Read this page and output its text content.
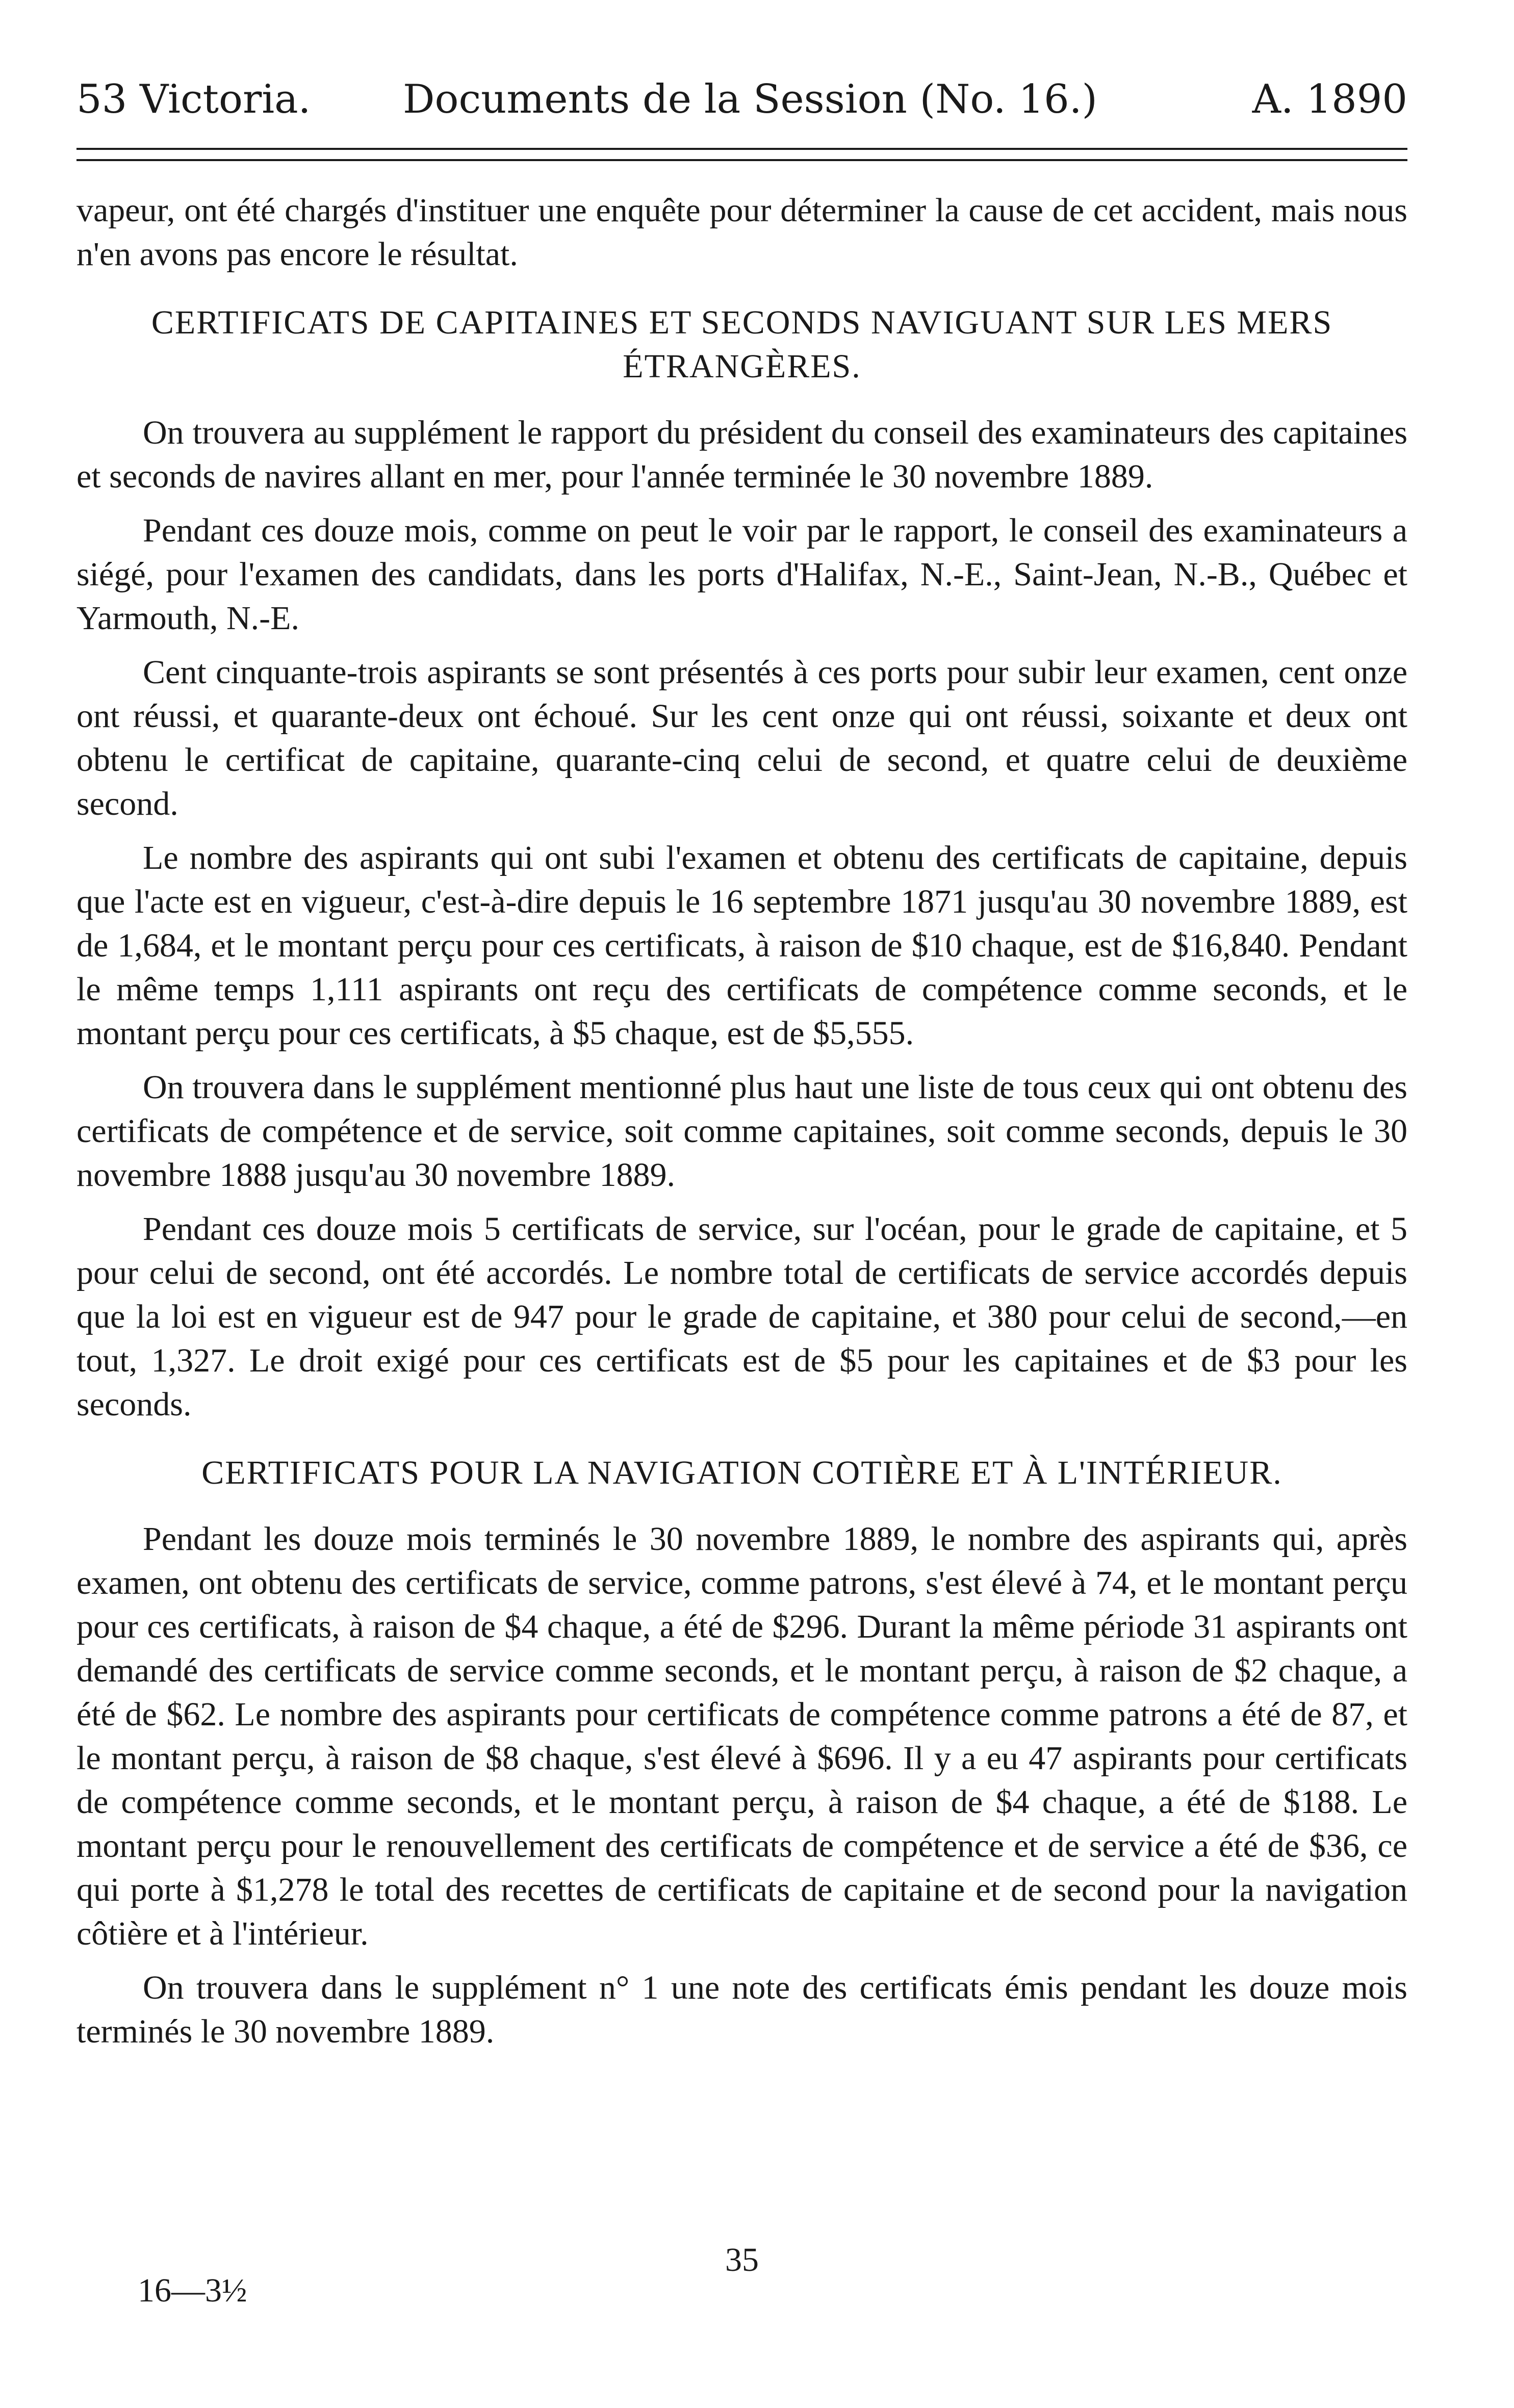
53 Victoria. Documents de la Session (No. 16.)	A. 1890

vapeur, ont été chargés d'instituer une enquête pour déterminer la cause de cet accident, mais nous n'en avons pas encore le résultat.

CERTIFICATS DE CAPITAINES ET SECONDS NAVIGUANT SUR LES MERS ÉTRANGÈRES.

On trouvera au supplément le rapport du président du conseil des examinateurs des capitaines et seconds de navires allant en mer, pour l'année terminée le 30 novembre 1889.

Pendant ces douze mois, comme on peut le voir par le rapport, le conseil des examinateurs a siégé, pour l'examen des candidats, dans les ports d'Halifax, N.-E., Saint-Jean, N.-B., Québec et Yarmouth, N.-E.

Cent cinquante-trois aspirants se sont présentés à ces ports pour subir leur examen, cent onze ont réussi, et quarante-deux ont échoué. Sur les cent onze qui ont réussi, soixante et deux ont obtenu le certificat de capitaine, quarante-cinq celui de second, et quatre celui de deuxième second.

Le nombre des aspirants qui ont subi l'examen et obtenu des certificats de capitaine, depuis que l'acte est en vigueur, c'est-à-dire depuis le 16 septembre 1871 jusqu'au 30 novembre 1889, est de 1,684, et le montant perçu pour ces certificats, à raison de $10 chaque, est de $16,840. Pendant le même temps 1,111 aspirants ont reçu des certificats de compétence comme seconds, et le montant perçu pour ces certificats, à $5 chaque, est de $5,555.

On trouvera dans le supplément mentionné plus haut une liste de tous ceux qui ont obtenu des certificats de compétence et de service, soit comme capitaines, soit comme seconds, depuis le 30 novembre 1888 jusqu'au 30 novembre 1889.

Pendant ces douze mois 5 certificats de service, sur l'océan, pour le grade de capitaine, et 5 pour celui de second, ont été accordés. Le nombre total de certificats de service accordés depuis que la loi est en vigueur est de 947 pour le grade de capitaine, et 380 pour celui de second,—en tout, 1,327. Le droit exigé pour ces certificats est de $5 pour les capitaines et de $3 pour les seconds.

CERTIFICATS POUR LA NAVIGATION COTIÈRE ET À L'INTÉRIEUR.

Pendant les douze mois terminés le 30 novembre 1889, le nombre des aspirants qui, après examen, ont obtenu des certificats de service, comme patrons, s'est élevé à 74, et le montant perçu pour ces certificats, à raison de $4 chaque, a été de $296. Durant la même période 31 aspirants ont demandé des certificats de service comme seconds, et le montant perçu, à raison de $2 chaque, a été de $62. Le nombre des aspirants pour certificats de compétence comme patrons a été de 87, et le montant perçu, à raison de $8 chaque, s'est élevé à $696. Il y a eu 47 aspirants pour certificats de compétence comme seconds, et le montant perçu, à raison de $4 chaque, a été de $188. Le montant perçu pour le renouvellement des certificats de compétence et de service a été de $36, ce qui porte à $1,278 le total des recettes de certificats de capitaine et de second pour la navigation côtière et à l'intérieur.

On trouvera dans le supplément n° 1 une note des certificats émis pendant les douze mois terminés le 30 novembre 1889.

35
16—3½
